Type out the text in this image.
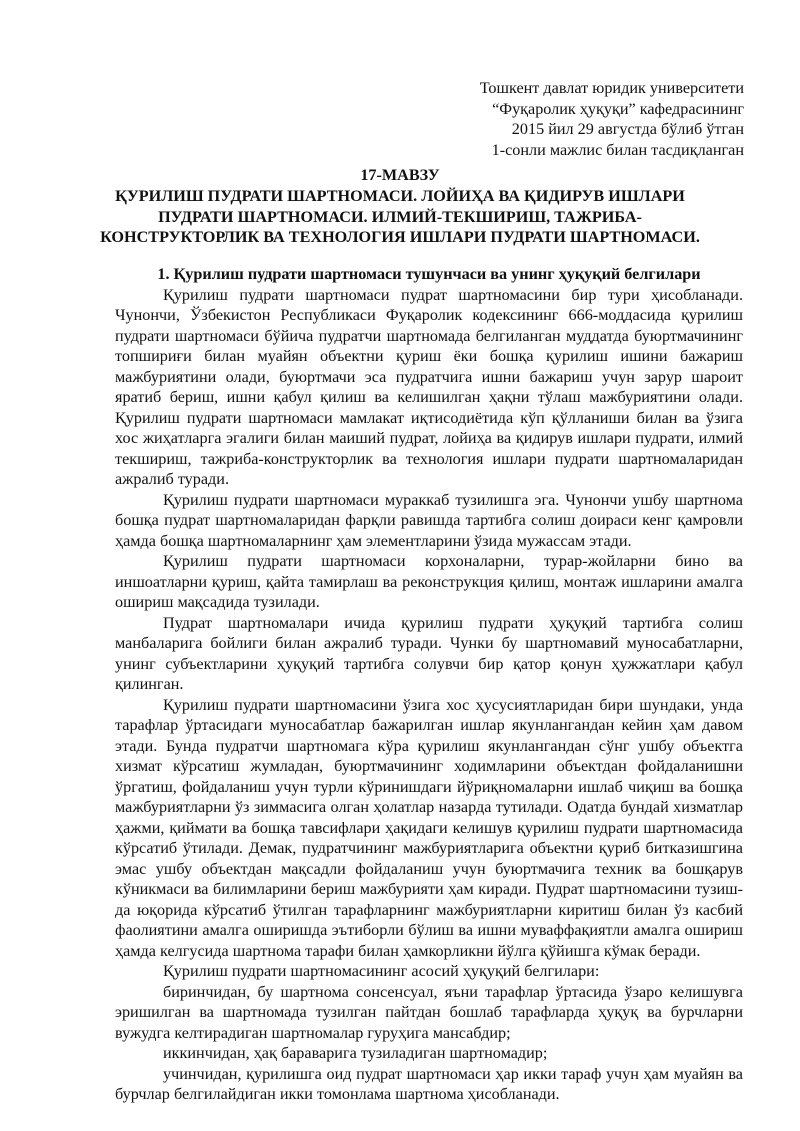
Тошкент давлат юридик университети
“Фуқаролик ҳуқуқи” кафедрасининг
2015 йил 29 августда бўлиб ўтган
1-сонли мажлис билан тасдиқланган
17-МАВЗУ
ҚУРИЛИШ ПУДРАТИ ШАРТНОМАСИ. ЛОЙИҲА ВА ҚИДИРУВ ИШЛАРИ
ПУДРАТИ ШАРТНОМАСИ. ИЛМИЙ-ТЕКШИРИШ, ТАЖРИБА-
КОНСТРУКТОРЛИК ВА ТЕХНОЛОГИЯ ИШЛАРИ ПУДРАТИ ШАРТНОМАСИ.
1. Қурилиш пудрати шартномаси тушунчаси ва унинг ҳуқуқий белгилари

Қурилиш пудрати шартномаси пудрат шартномасини бир тури ҳисобланади. Чунончи, Ўзбекистон Республикаси Фуқаролик кодексининг 666-моддасида қурилиш пудрати шартномаси бўйича пудратчи шартномада белгиланган муддатда буюртмачининг топшириғи билан муайян объектни қуриш ёки бошқа қурилиш ишини бажариш мажбуриятини олади, буюртмачи эса пудратчига ишни бажариш учун зарур шароит яратиб бериш, ишни қабул қилиш ва келишилган ҳақни тўлаш мажбуриятини олади. Қурилиш пудрати шартномаси мамлакат иқтисодиётида кўп қўлланиши билан ва ўзига хос жиҳатларга эгалиги билан маиший пудрат, лойиҳа ва қидирув ишлари пудрати, илмий текшириш, тажриба-конструкторлик ва технология ишлари пудрати шартномаларидан ажралиб туради.

Қурилиш пудрати шартномаси мураккаб тузилишга эга. Чунончи ушбу шартнома бошқа пудрат шартномаларидан фарқли равишда тартибга солиш доираси кенг қамровли ҳамда бошқа шартномаларнинг ҳам элементларини ўзида мужассам этади.

Қурилиш пудрати шартномаси корхоналарни, турар-жойларни бино ва иншоатларни қуриш, қайта тамирлаш ва реконструкция қилиш, монтаж ишларини амалга ошириш мақсадида тузилади.

Пудрат шартномалари ичида қурилиш пудрати ҳуқуқий тартибга солиш манбаларига бойлиги билан ажралиб туради. Чунки бу шартномавий муносабатларни, унинг субъектларини ҳуқуқий тартибга солувчи бир қатор қонун ҳужжатлари қабул қилинган.

Қурилиш пудрати шартномасини ўзига хос ҳусусиятларидан бири шундаки, унда тарафлар ўртасидаги муносабатлар бажарилган ишлар якунлангандан кейин ҳам давом этади. Бунда пудратчи шартномага кўра қурилиш якунлангандан сўнг ушбу объектга хизмат кўрсатиш жумладан, буюртмачининг ходимларини объектдан фойдаланишни ўргатиш, фойдаланиш учун турли кўринишдаги йўриқномаларни ишлаб чиқиш ва бошқа мажбуриятларни ўз зиммасига олган ҳолатлар назарда тутилади. Одатда бундай хизматлар ҳажми, қиймати ва бошқа тавсифлари ҳақидаги келишув қурилиш пудрати шартномасида кўрсатиб ўтилади. Демак, пудратчининг мажбуриятларига объектни қуриб битказишгина эмас ушбу объектдан мақсадли фойдаланиш учун буюртмачига техник ва бошқарув кўникмаси ва билимларини бериш мажбурияти ҳам киради. Пудрат шартномасини тузиш-да юқорида кўрсатиб ўтилган тарафларнинг мажбуриятларни киритиш билан ўз касбий фаолиятини амалга оширишда эътиборли бўлиш ва ишни муваффақиятли амалга ошириш ҳамда келгусида шартнома тарафи билан ҳамкорликни йўлга қўйишга кўмак беради.

Қурилиш пудрати шартномасининг асосий ҳуқуқий белгилари:

биринчидан, бу шартнома сонсенсуал, яъни тарафлар ўртасида ўзаро келишувга эришилган ва шартномада тузилган пайтдан бошлаб тарафларда ҳуқуқ ва бурчларни вужудга келтирадиган шартномалар гуруҳига мансабдир;

иккинчидан, ҳақ бараварига тузиладиган шартномадир;

учинчидан, қурилишга оид пудрат шартномаси ҳар икки тараф учун ҳам муайян ва бурчлар белгилайдиган икки томонлама шартнома ҳисобланади.
